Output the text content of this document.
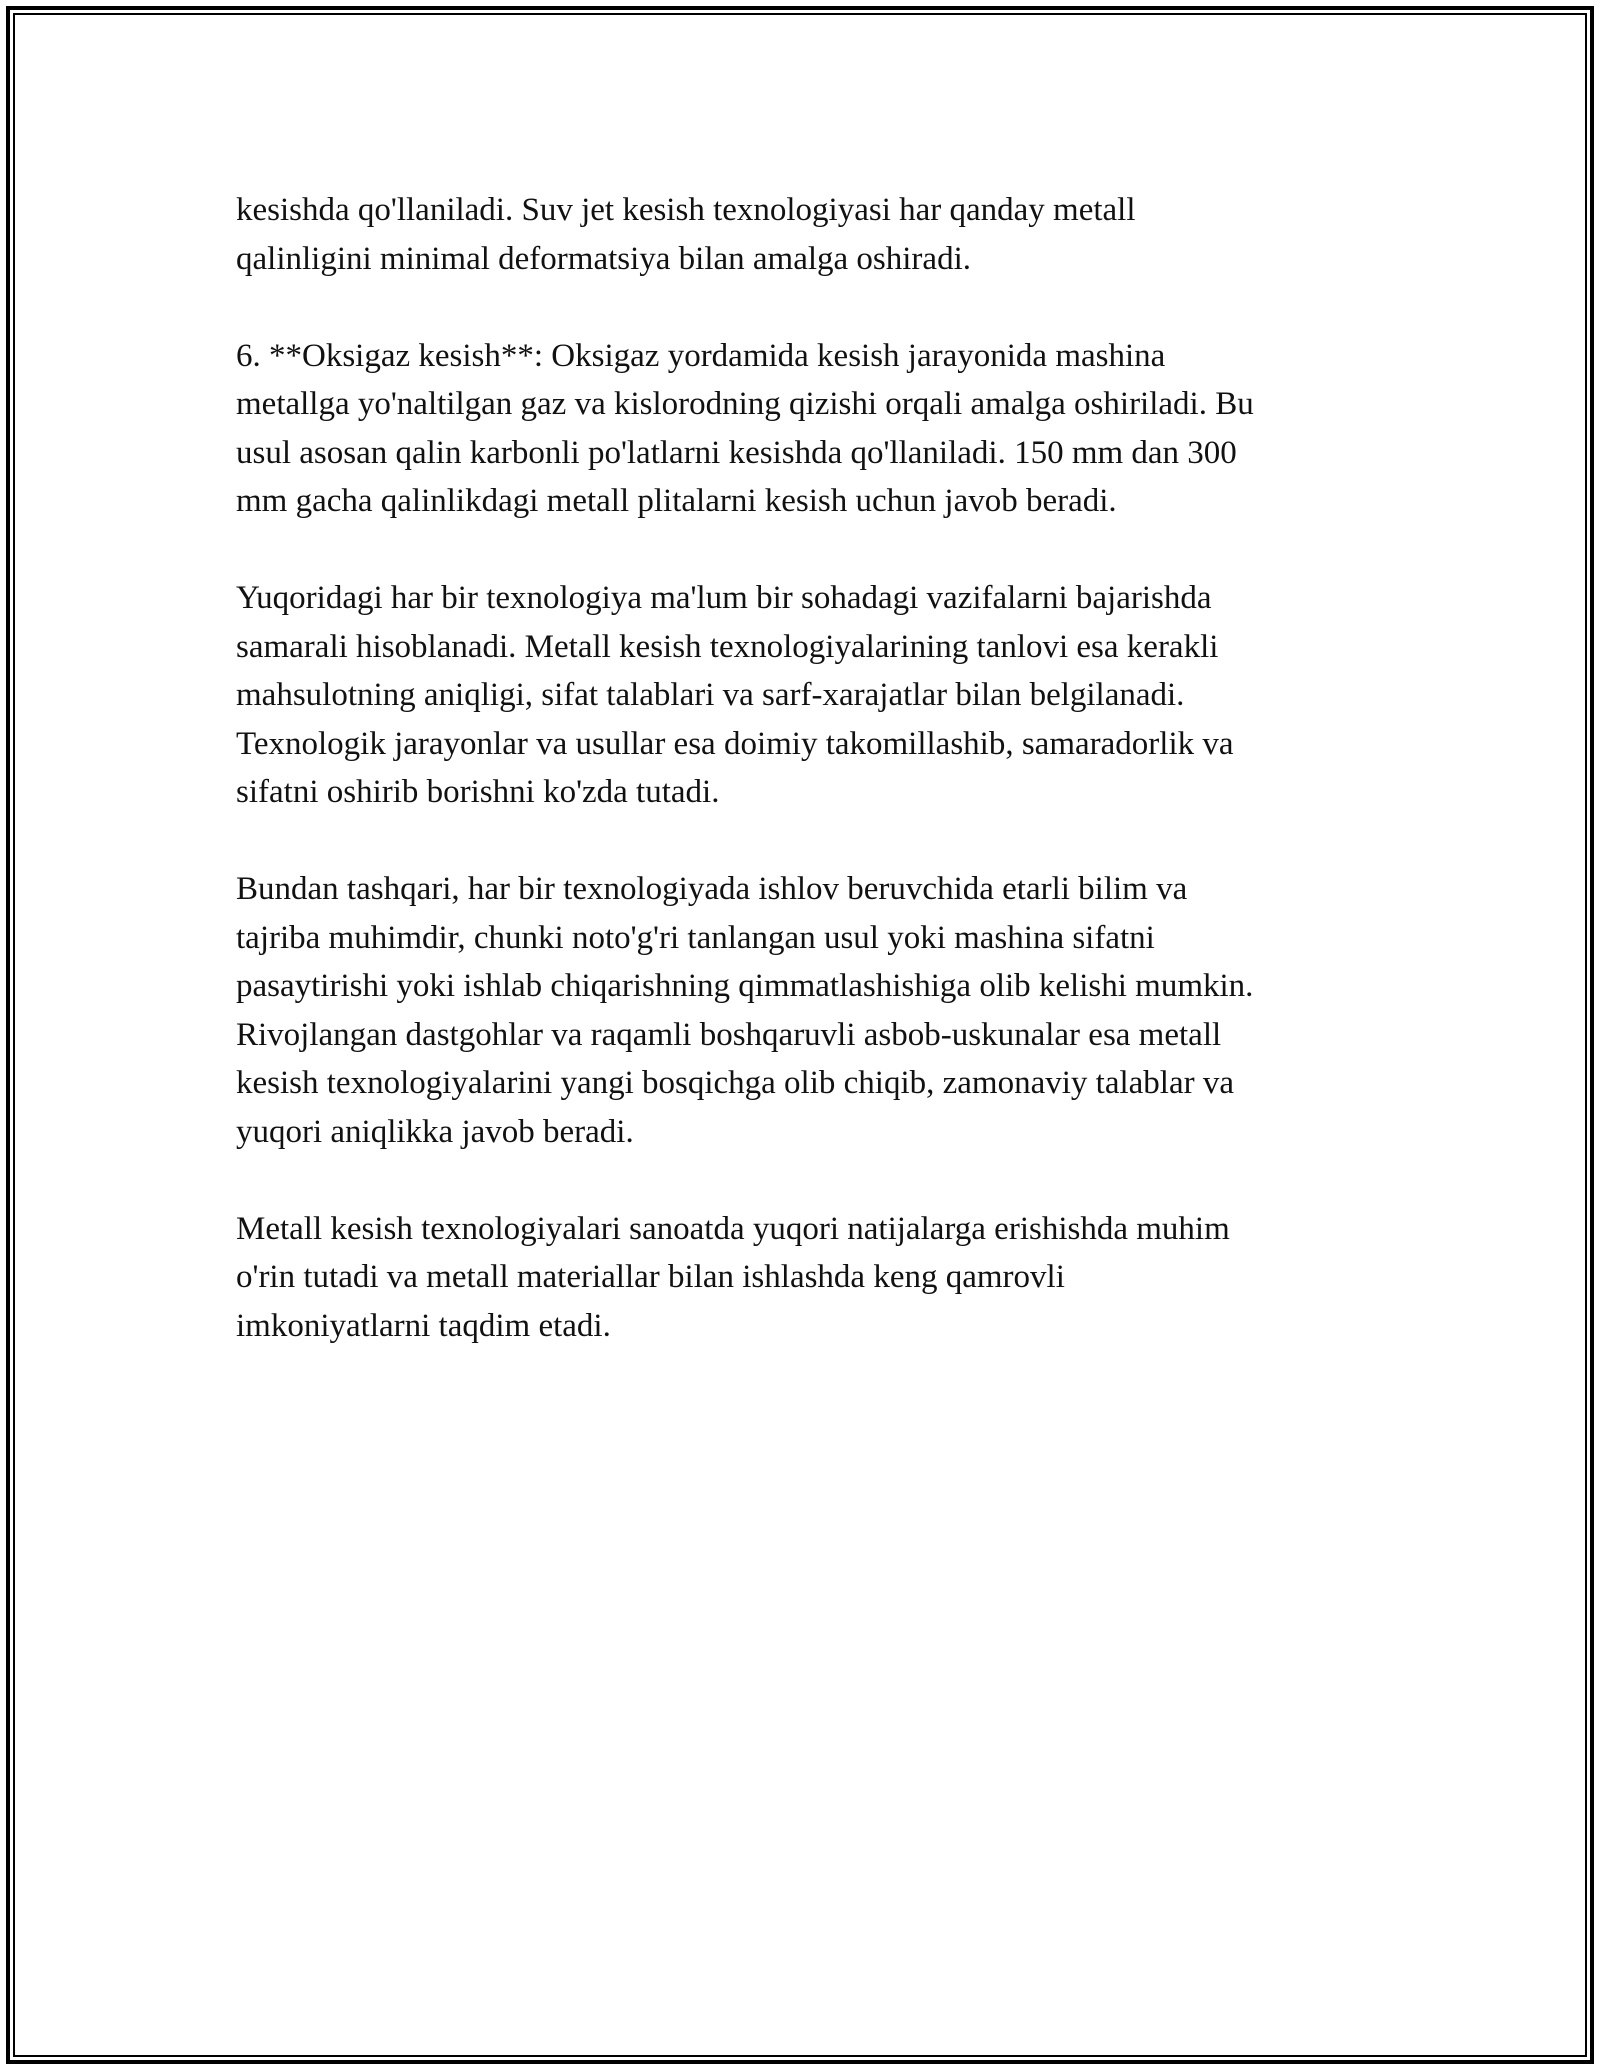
kesishda qo'llaniladi. Suv jet kesish texnologiyasi har qanday metall
qalinligini minimal deformatsiya bilan amalga oshiradi.

6. **Oksigaz kesish**: Oksigaz yordamida kesish jarayonida mashina
metallga yo'naltilgan gaz va kislorodning qizishi orqali amalga oshiriladi. Bu
usul asosan qalin karbonli po'latlarni kesishda qo'llaniladi. 150 mm dan 300
mm gacha qalinlikdagi metall plitalarni kesish uchun javob beradi.

Yuqoridagi har bir texnologiya ma'lum bir sohadagi vazifalarni bajarishda
samarali hisoblanadi. Metall kesish texnologiyalarining tanlovi esa kerakli
mahsulotning aniqligi, sifat talablari va sarf-xarajatlar bilan belgilanadi.
Texnologik jarayonlar va usullar esa doimiy takomillashib, samaradorlik va
sifatni oshirib borishni ko'zda tutadi.

Bundan tashqari, har bir texnologiyada ishlov beruvchida etarli bilim va
tajriba muhimdir, chunki noto'g'ri tanlangan usul yoki mashina sifatni
pasaytirishi yoki ishlab chiqarishning qimmatlashishiga olib kelishi mumkin.
Rivojlangan dastgohlar va raqamli boshqaruvli asbob-uskunalar esa metall
kesish texnologiyalarini yangi bosqichga olib chiqib, zamonaviy talablar va
yuqori aniqlikka javob beradi.

Metall kesish texnologiyalari sanoatda yuqori natijalarga erishishda muhim
o'rin tutadi va metall materiallar bilan ishlashda keng qamrovli
imkoniyatlarni taqdim etadi.
